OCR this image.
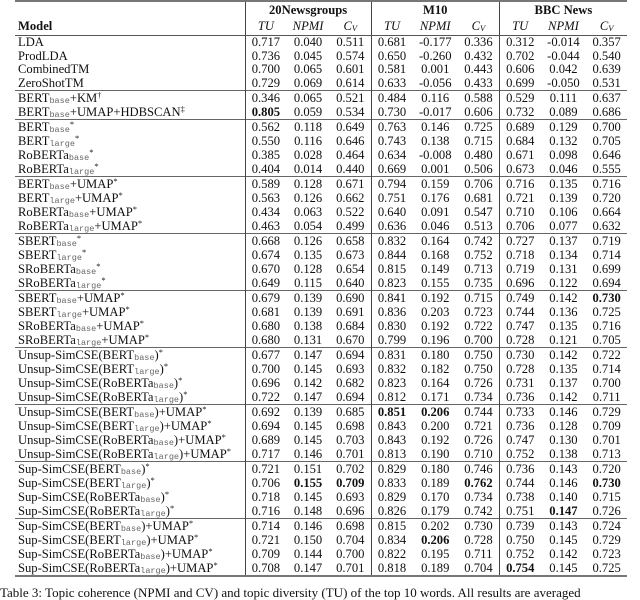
	20Newsgroups			M10			BBC News		
Model	TU	NPMI	CV	TU	NPMI	CV	TU	NPMI	CV
LDA	0.717	0.040	0.511	0.681	-0.177	0.336	0.312	-0.014	0.357
ProdLDA	0.736	0.045	0.574	0.650	-0.260	0.432	0.702	-0.044	0.540
CombinedTM	0.700	0.065	0.601	0.581	0.001	0.443	0.606	0.042	0.639
ZeroShotTM	0.729	0.069	0.614	0.633	-0.056	0.433	0.699	-0.050	0.531
BERTbase+KM†	0.346	0.065	0.521	0.484	0.116	0.588	0.529	0.111	0.637
BERTbase+UMAP+HDBSCAN‡	0.805	0.059	0.534	0.730	-0.017	0.606	0.732	0.089	0.686
BERTbase*	0.562	0.118	0.649	0.763	0.146	0.725	0.689	0.129	0.700
BERTlarge*	0.550	0.116	0.646	0.743	0.138	0.715	0.684	0.132	0.705
RoBERTabase*	0.385	0.028	0.464	0.634	-0.008	0.480	0.671	0.098	0.646
RoBERTalarge*	0.404	0.014	0.440	0.669	0.001	0.506	0.673	0.046	0.555
BERTbase+UMAP*	0.589	0.128	0.671	0.794	0.159	0.706	0.716	0.135	0.716
BERTlarge+UMAP*	0.563	0.126	0.662	0.751	0.176	0.681	0.721	0.139	0.720
RoBERTabase+UMAP*	0.434	0.063	0.522	0.640	0.091	0.547	0.710	0.106	0.664
RoBERTalarge+UMAP*	0.463	0.054	0.499	0.636	0.046	0.513	0.706	0.077	0.632
SBERTbase*	0.668	0.126	0.658	0.832	0.164	0.742	0.727	0.137	0.719
SBERTlarge*	0.674	0.135	0.673	0.844	0.168	0.752	0.718	0.134	0.714
SRoBERTabase*	0.670	0.128	0.654	0.815	0.149	0.713	0.719	0.131	0.699
SRoBERTalarge*	0.649	0.115	0.640	0.823	0.155	0.735	0.696	0.122	0.694
SBERTbase+UMAP*	0.679	0.139	0.690	0.841	0.192	0.715	0.749	0.142	0.730
SBERTlarge+UMAP*	0.681	0.139	0.691	0.836	0.203	0.723	0.744	0.136	0.725
SRoBERTabase+UMAP*	0.680	0.138	0.684	0.830	0.192	0.722	0.747	0.135	0.716
SRoBERTalarge+UMAP*	0.680	0.131	0.670	0.799	0.196	0.700	0.728	0.121	0.705
Unsup-SimCSE(BERTbase)*	0.677	0.147	0.694	0.831	0.180	0.750	0.730	0.142	0.722
Unsup-SimCSE(BERTlarge)*	0.700	0.145	0.693	0.832	0.182	0.750	0.728	0.135	0.714
Unsup-SimCSE(RoBERTabase)*	0.696	0.142	0.682	0.823	0.164	0.726	0.731	0.137	0.700
Unsup-SimCSE(RoBERTalarge)*	0.722	0.147	0.694	0.812	0.171	0.734	0.736	0.142	0.711
Unsup-SimCSE(BERTbase)+UMAP*	0.692	0.139	0.685	0.851	0.206	0.744	0.733	0.146	0.729
Unsup-SimCSE(BERTlarge)+UMAP*	0.694	0.145	0.698	0.843	0.200	0.721	0.736	0.128	0.709
Unsup-SimCSE(RoBERTabase)+UMAP*	0.689	0.145	0.703	0.843	0.192	0.726	0.747	0.130	0.701
Unsup-SimCSE(RoBERTalarge)+UMAP*	0.717	0.146	0.701	0.813	0.190	0.710	0.752	0.138	0.713
Sup-SimCSE(BERTbase)*	0.721	0.151	0.702	0.829	0.180	0.746	0.736	0.143	0.720
Sup-SimCSE(BERTlarge)*	0.706	0.155	0.709	0.833	0.189	0.762	0.744	0.146	0.730
Sup-SimCSE(RoBERTabase)*	0.718	0.145	0.693	0.829	0.170	0.734	0.738	0.140	0.715
Sup-SimCSE(RoBERTalarge)*	0.716	0.148	0.696	0.826	0.179	0.742	0.751	0.147	0.726
Sup-SimCSE(BERTbase)+UMAP*	0.714	0.146	0.698	0.815	0.202	0.730	0.739	0.143	0.724
Sup-SimCSE(BERTlarge)+UMAP*	0.721	0.150	0.704	0.834	0.206	0.728	0.750	0.145	0.729
Sup-SimCSE(RoBERTabase)+UMAP*	0.709	0.144	0.700	0.822	0.195	0.711	0.752	0.142	0.723
Sup-SimCSE(RoBERTalarge)+UMAP*	0.708	0.147	0.701	0.818	0.189	0.704	0.754	0.145	0.725
Table 3: Topic coherence (NPMI and CV) and topic diversity (TU) of the top 10 words. All results are averaged
